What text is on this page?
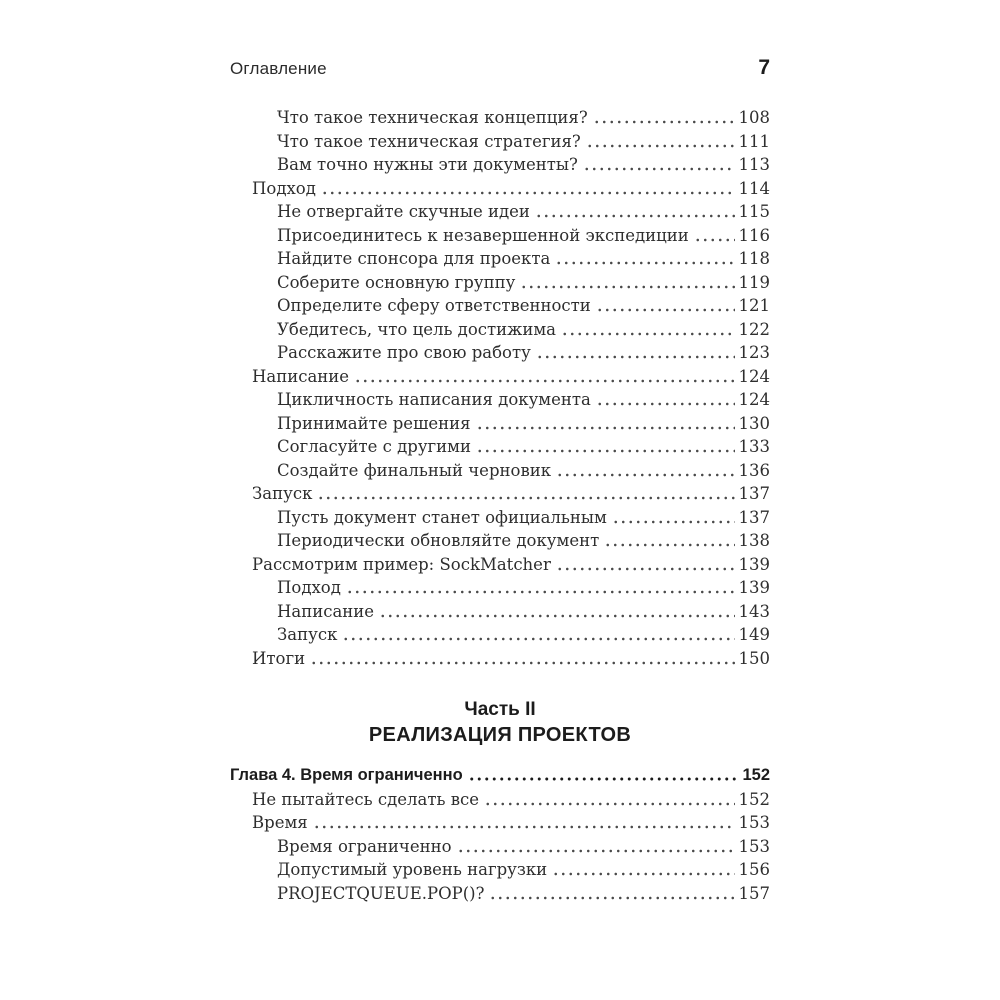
Оглавление	7
Что такое техническая концепция?	108
Что такое техническая стратегия?	111
Вам точно нужны эти документы?	113
Подход	114
Не отвергайте скучные идеи	115
Присоединитесь к незавершенной экспедиции	116
Найдите спонсора для проекта	118
Соберите основную группу	119
Определите сферу ответственности	121
Убедитесь, что цель достижима	122
Расскажите про свою работу	123
Написание	124
Цикличность написания документа	124
Принимайте решения	130
Согласуйте с другими	133
Создайте финальный черновик	136
Запуск	137
Пусть документ станет официальным	137
Периодически обновляйте документ	138
Рассмотрим пример: SockMatcher	139
Подход	139
Написание	143
Запуск	149
Итоги	150
Часть II
РЕАЛИЗАЦИЯ ПРОЕКТОВ
Глава 4. Время ограниченно	152
Не пытайтесь сделать все	152
Время	153
Время ограниченно	153
Допустимый уровень нагрузки	156
PROJECTQUEUE.POP()?	157
